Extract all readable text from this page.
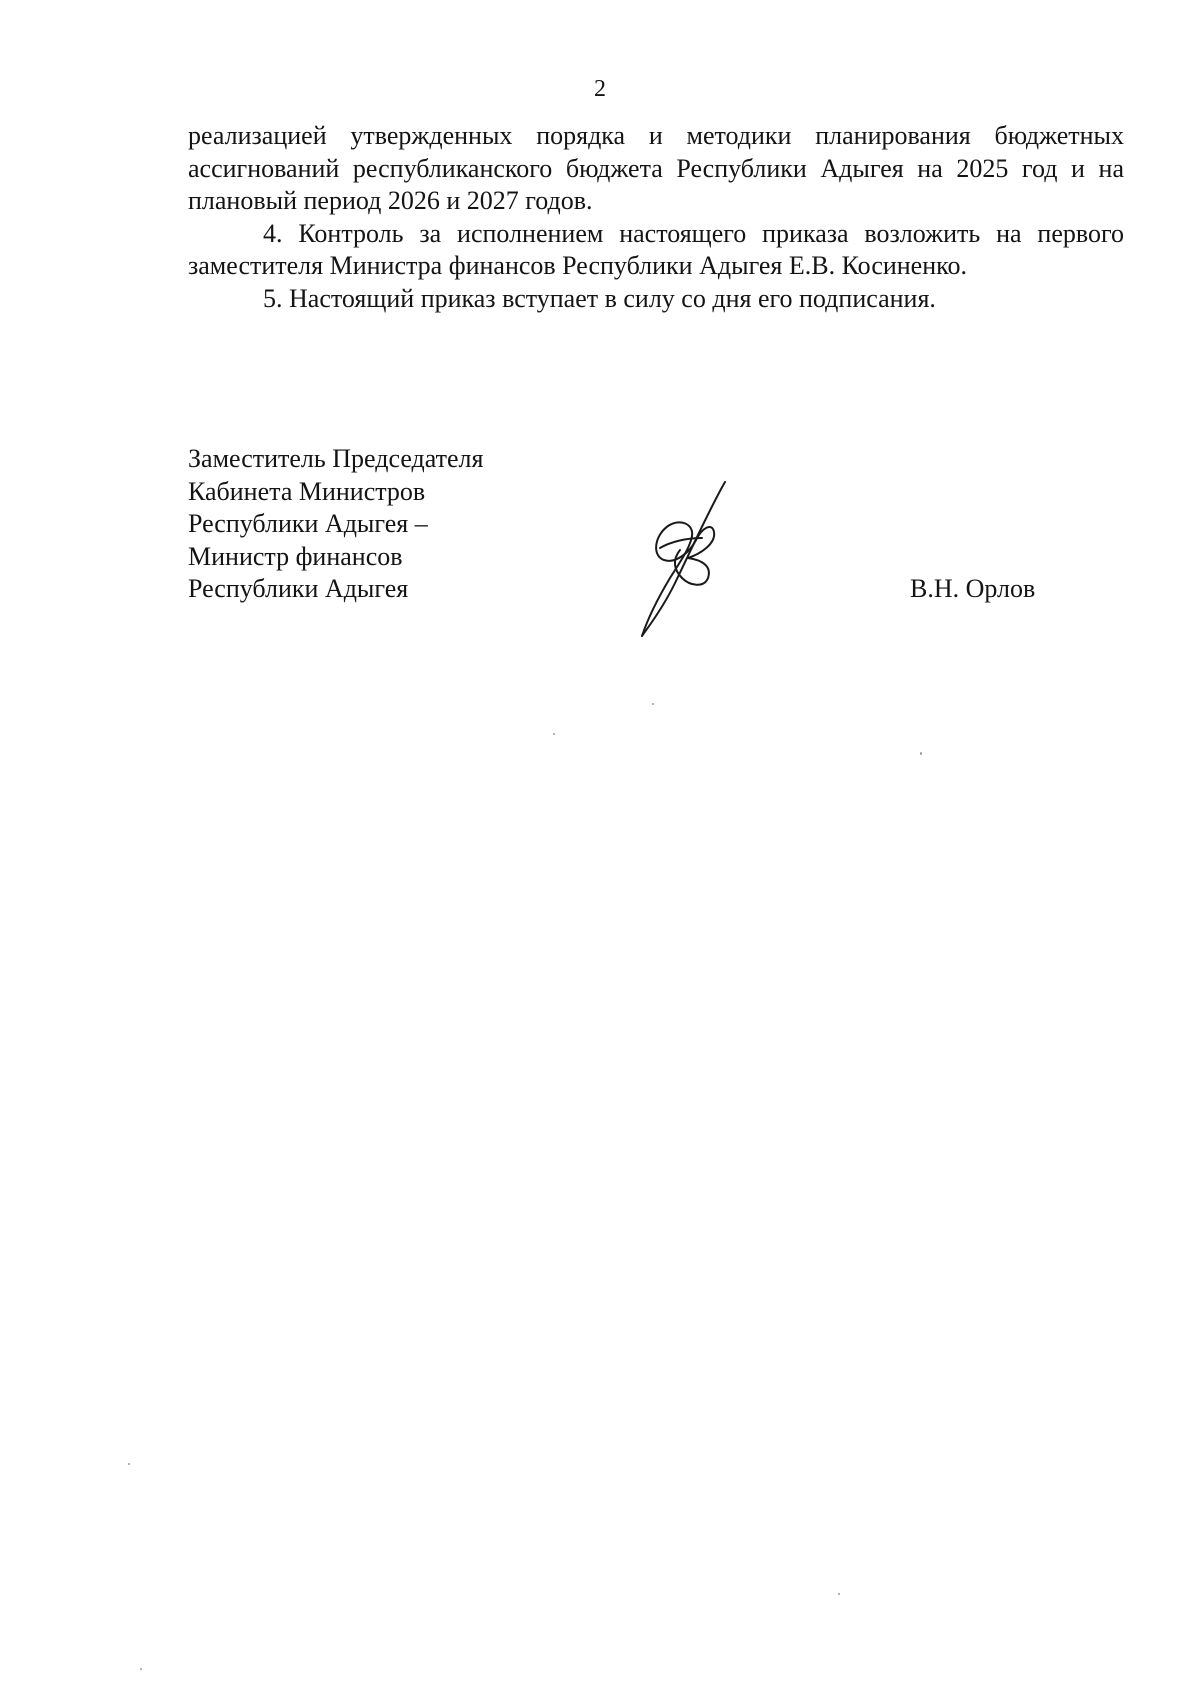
2

реализацией утвержденных порядка и методики планирования бюджетных ассигнований республиканского бюджета Республики Адыгея на 2025 год и на плановый период 2026 и 2027 годов.

4. Контроль за исполнением настоящего приказа возложить на первого заместителя Министра финансов Республики Адыгея Е.В. Косиненко.

5. Настоящий приказ вступает в силу со дня его подписания.

Заместитель Председателя
Кабинета Министров
Республики Адыгея –
Министр финансов
Республики Адыгея	В.Н. Орлов
